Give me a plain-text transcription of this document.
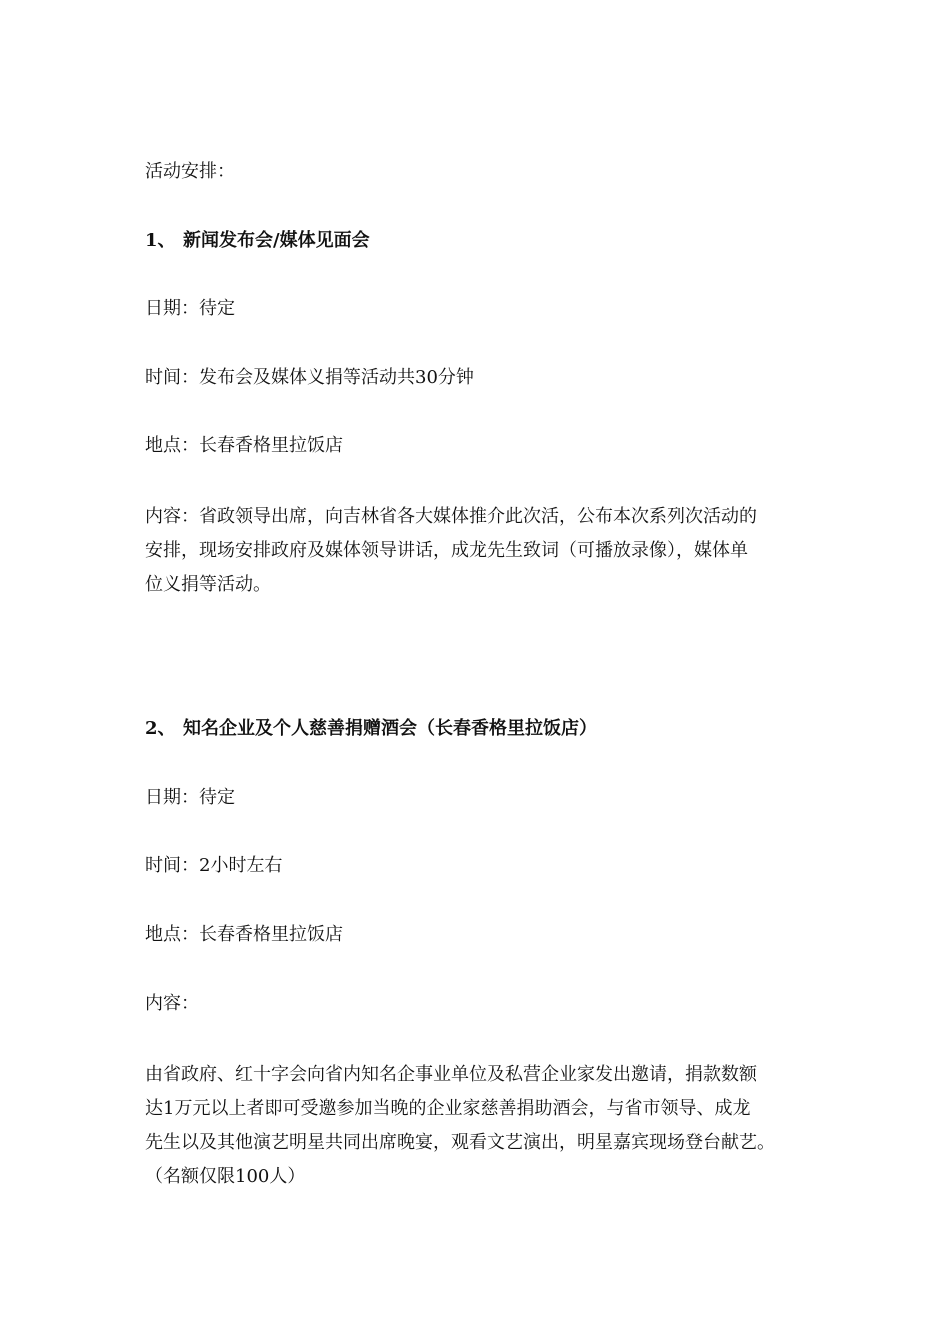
活动安排：
1、 新闻发布会/媒体见面会
日期：待定
时间：发布会及媒体义捐等活动共30分钟
地点：长春香格里拉饭店
内容：省政领导出席，向吉林省各大媒体推介此次活，公布本次系列次活动的
安排，现场安排政府及媒体领导讲话，成龙先生致词（可播放录像），媒体单
位义捐等活动。
2、 知名企业及个人慈善捐赠酒会（长春香格里拉饭店）
日期：待定
时间：2小时左右
地点：长春香格里拉饭店
内容：
由省政府、红十字会向省内知名企事业单位及私营企业家发出邀请，捐款数额
达1万元以上者即可受邀参加当晚的企业家慈善捐助酒会，与省市领导、成龙
先生以及其他演艺明星共同出席晚宴，观看文艺演出，明星嘉宾现场登台献艺。
（名额仅限100人）
